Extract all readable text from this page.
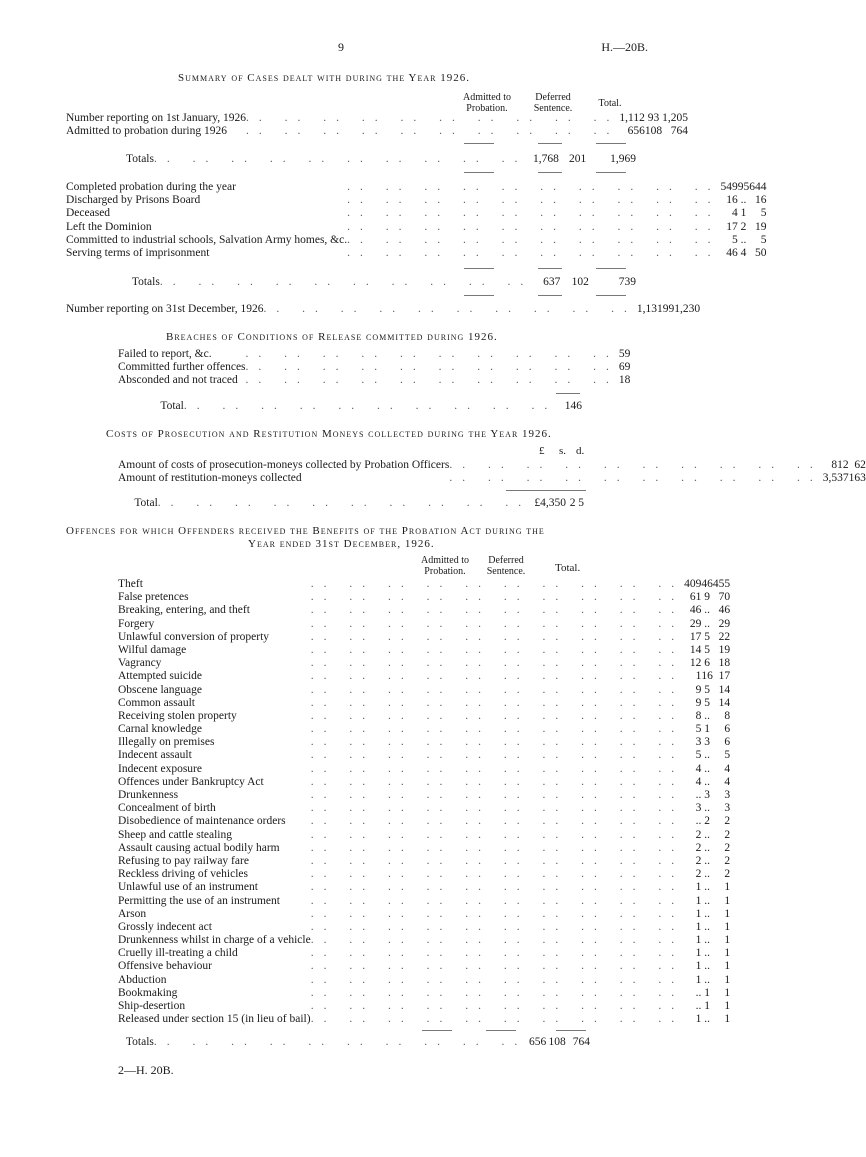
9	H.—20B.
Summary of Cases dealt with during the Year 1926.
Admitted to Probation.
Deferred Sentence.	Total.
	Number reporting on 1st January, 1926	.. .. .. .. .. .. .. .. .. ..	1,112	93	1,205
	Admitted to probation during 1926	.. .. .. .. .. .. .. .. .. ..	656	108	764
	Totals	.. .. .. .. .. .. .. .. .. ..	1,768	201	1,969
	Completed probation during the year	.. .. .. .. .. .. .. .. .. ..	549	95	644
	Discharged by Prisons Board	.. .. .. .. .. .. .. .. .. ..	16	..	16
	Deceased	.. .. .. .. .. .. .. .. .. ..	4	1	5
	Left the Dominion	.. .. .. .. .. .. .. .. .. ..	17	2	19
	Committed to industrial schools, Salvation Army homes, &c.	.. .. .. .. .. .. .. .. .. ..	5	..	5
	Serving terms of imprisonment	.. .. .. .. .. .. .. .. .. ..	46	4	50
	Totals	.. .. .. .. .. .. .. .. .. ..	637	102	739
	Number reporting on 31st December, 1926	.. .. .. .. .. .. .. .. .. ..	1,131	99	1,230
Breaches of Conditions of Release committed during 1926.
	Failed to report, &c.	.. .. .. .. .. .. .. .. .. ..	59
	Committed further offences	.. .. .. .. .. .. .. .. .. ..	69
	Absconded and not traced	.. .. .. .. .. .. .. .. .. ..	18
	Total	.. .. .. .. .. .. .. .. .. ..	146
Costs of Prosecution and Restitution Moneys collected during the Year 1926.
£ s. d.
	Amount of costs of prosecution-moneys collected by Probation Officers	.. .. .. .. .. .. .. .. .. ..	812	6	2
	Amount of restitution-moneys collected	.. .. .. .. .. .. .. .. .. ..	3,537	16	3
	Total	.. .. .. .. .. .. .. .. .. ..	£4,350	2	5
Offences for which Offenders received the Benefits of the Probation Act during the
Year ended 31st December, 1926.
Admitted to Probation.
Deferred Sentence.	Total.
	Theft	.. .. .. .. .. .. .. .. .. ..	409	46	455
	False pretences	.. .. .. .. .. .. .. .. .. ..	61	9	70
	Breaking, entering, and theft	.. .. .. .. .. .. .. .. .. ..	46	..	46
	Forgery	.. .. .. .. .. .. .. .. .. ..	29	..	29
	Unlawful conversion of property	.. .. .. .. .. .. .. .. .. ..	17	5	22
	Wilful damage	.. .. .. .. .. .. .. .. .. ..	14	5	19
	Vagrancy	.. .. .. .. .. .. .. .. .. ..	12	6	18
	Attempted suicide	.. .. .. .. .. .. .. .. .. ..	1	16	17
	Obscene language	.. .. .. .. .. .. .. .. .. ..	9	5	14
	Common assault	.. .. .. .. .. .. .. .. .. ..	9	5	14
	Receiving stolen property	.. .. .. .. .. .. .. .. .. ..	8	..	8
	Carnal knowledge	.. .. .. .. .. .. .. .. .. ..	5	1	6
	Illegally on premises	.. .. .. .. .. .. .. .. .. ..	3	3	6
	Indecent assault	.. .. .. .. .. .. .. .. .. ..	5	..	5
	Indecent exposure	.. .. .. .. .. .. .. .. .. ..	4	..	4
	Offences under Bankruptcy Act	.. .. .. .. .. .. .. .. .. ..	4	..	4
	Drunkenness	.. .. .. .. .. .. .. .. .. ..	..	3	3
	Concealment of birth	.. .. .. .. .. .. .. .. .. ..	3	..	3
	Disobedience of maintenance orders	.. .. .. .. .. .. .. .. .. ..	..	2	2
	Sheep and cattle stealing	.. .. .. .. .. .. .. .. .. ..	2	..	2
	Assault causing actual bodily harm	.. .. .. .. .. .. .. .. .. ..	2	..	2
	Refusing to pay railway fare	.. .. .. .. .. .. .. .. .. ..	2	..	2
	Reckless driving of vehicles	.. .. .. .. .. .. .. .. .. ..	2	..	2
	Unlawful use of an instrument	.. .. .. .. .. .. .. .. .. ..	1	..	1
	Permitting the use of an instrument	.. .. .. .. .. .. .. .. .. ..	1	..	1
	Arson	.. .. .. .. .. .. .. .. .. ..	1	..	1
	Grossly indecent act	.. .. .. .. .. .. .. .. .. ..	1	..	1
	Drunkenness whilst in charge of a vehicle	.. .. .. .. .. .. .. .. .. ..	1	..	1
	Cruelly ill-treating a child	.. .. .. .. .. .. .. .. .. ..	1	..	1
	Offensive behaviour	.. .. .. .. .. .. .. .. .. ..	1	..	1
	Abduction	.. .. .. .. .. .. .. .. .. ..	1	..	1
	Bookmaking	.. .. .. .. .. .. .. .. .. ..	..	1	1
	Ship-desertion	.. .. .. .. .. .. .. .. .. ..	..	1	1
	Released under section 15 (in lieu of bail)	.. .. .. .. .. .. .. .. .. ..	1	..	1
	Totals	.. .. .. .. .. .. .. .. .. ..	656	108	764
2—H. 20B.
